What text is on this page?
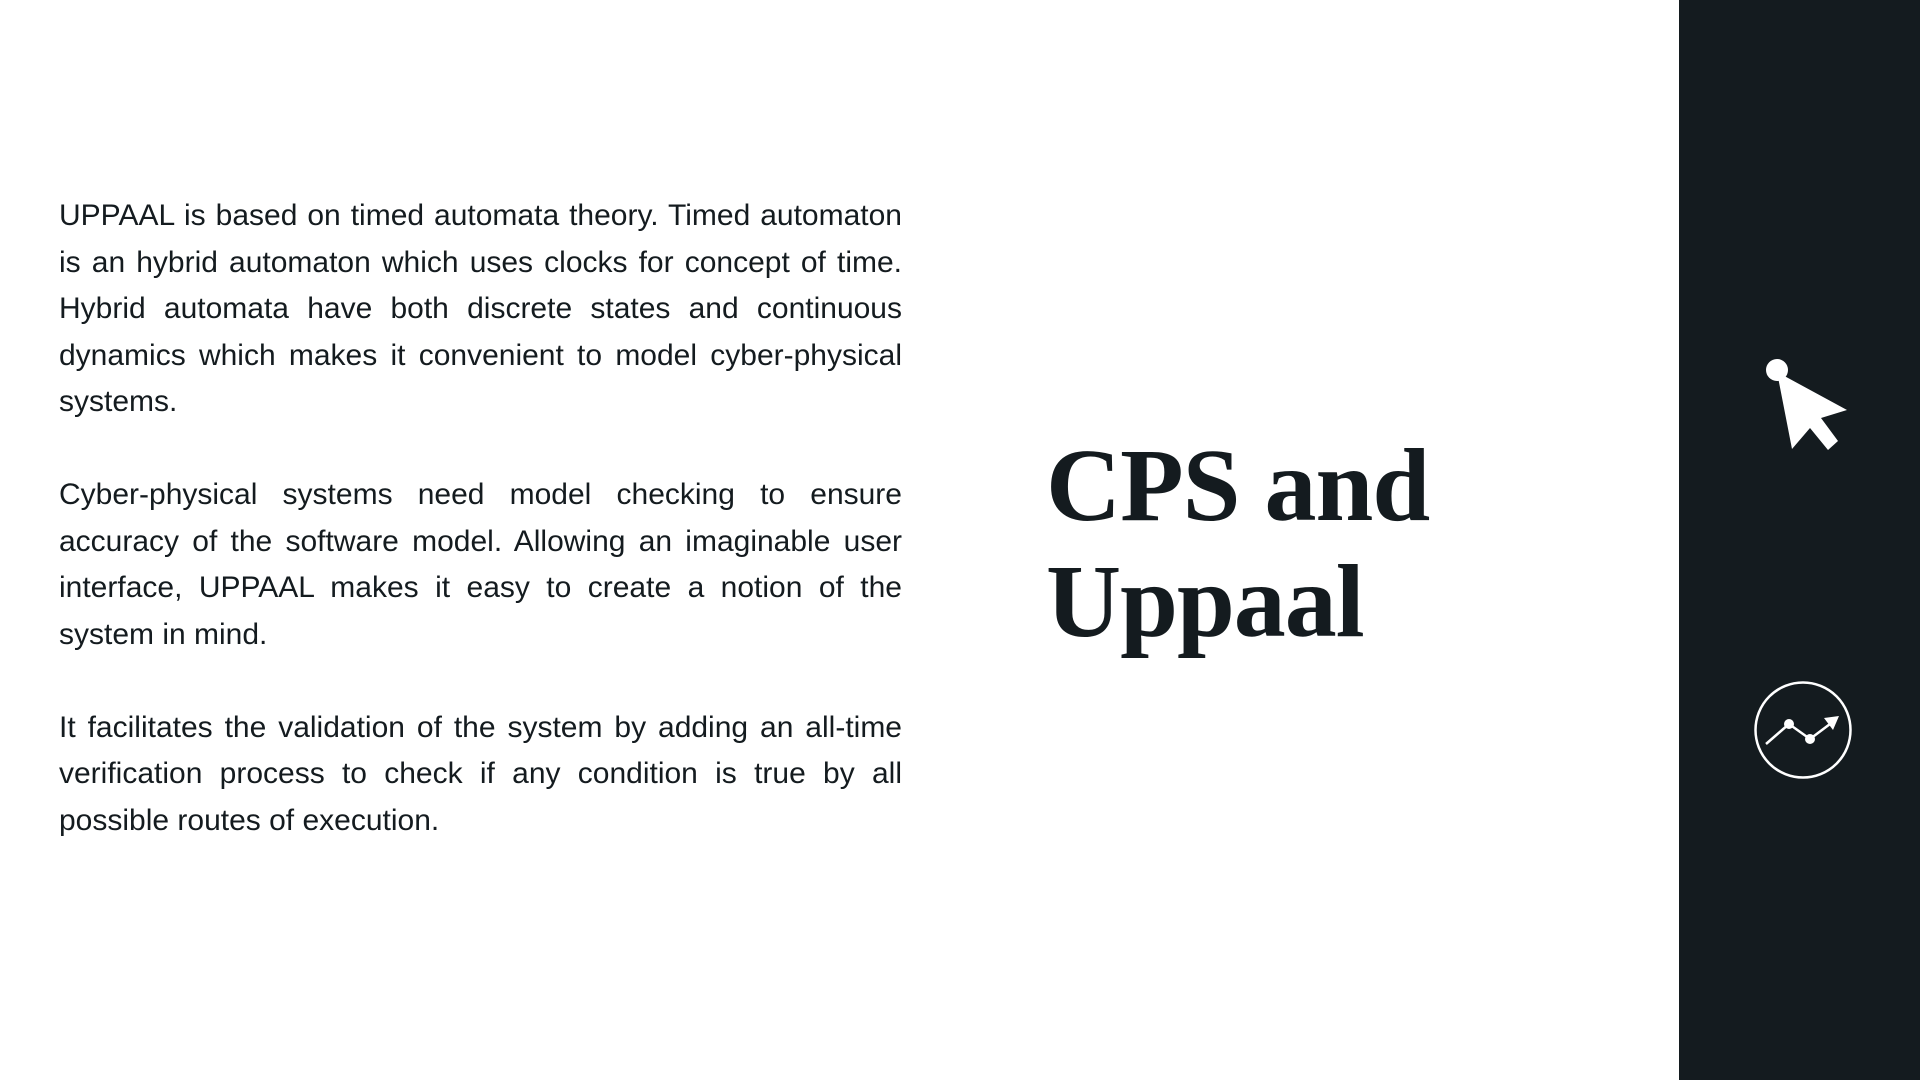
UPPAAL is based on timed automata theory. Timed automaton is an hybrid automaton which uses clocks for concept of time. Hybrid automata have both discrete states and continuous dynamics which makes it convenient to model cyber-physical systems.

Cyber-physical systems need model checking to ensure accuracy of the software model. Allowing an imaginable user interface, UPPAAL makes it easy to create a notion of the system in mind.

It facilitates the validation of the system by adding an all-time verification process to check if any condition is true by all possible routes of execution.

CPS and
Uppaal
